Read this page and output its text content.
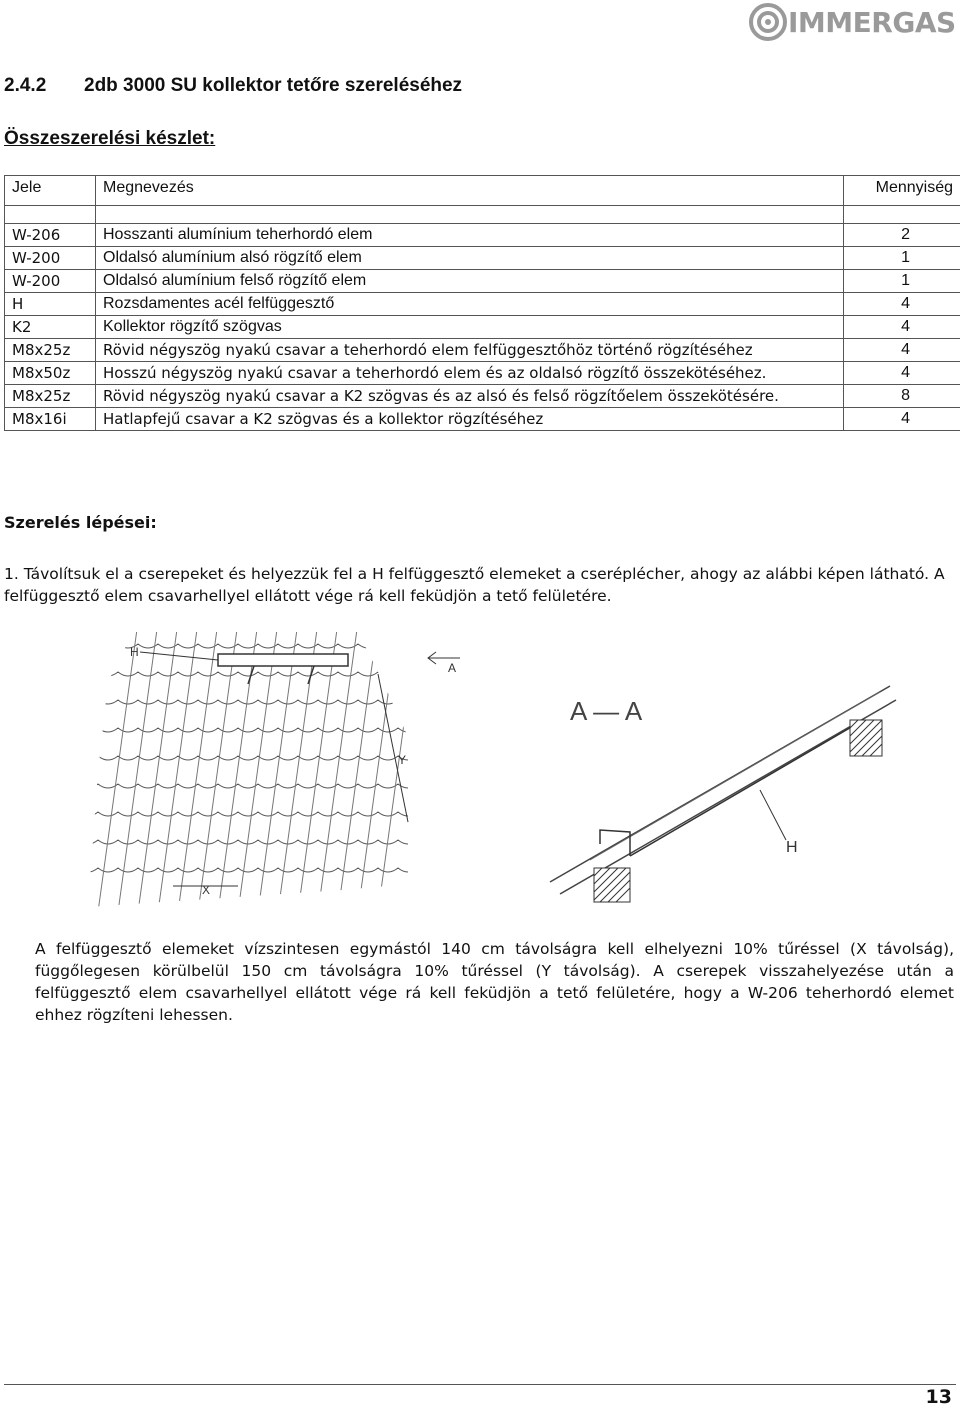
IMMERGAS
2.4.2 2db 3000 SU kollektor tetőre szereléséhez
Összeszerelési készlet:
Jele	Megnevezés	Mennyiség

W-206	Hosszanti alumínium teherhordó elem	2
W-200	Oldalsó alumínium alsó rögzítő elem	1
W-200	Oldalsó alumínium felső rögzítő elem	1
H	Rozsdamentes acél felfüggesztő	4
K2	Kollektor rögzítő szögvas	4
M8x25z	Rövid négyszög nyakú csavar a teherhordó elem felfüggesztőhöz történő rögzítéséhez	4
M8x50z	Hosszú négyszög nyakú csavar a teherhordó elem és az oldalsó rögzítő összekötéséhez.	4
M8x25z	Rövid négyszög nyakú csavar a K2 szögvas és az alsó és felső rögzítőelem összekötésére.	8
M8x16i	Hatlapfejű csavar a K2 szögvas és a kollektor rögzítéséhez	4
Szerelés lépései:

1. Távolítsuk el a cserepeket és helyezzük fel a H felfüggesztő elemeket a cseréplécher, ahogy az alábbi képen látható. A felfüggesztő elem csavarhellyel ellátott vége rá kell feküdjön a tető felületére.

H
A
Y
X
A — A
H

A felfüggesztő elemeket vízszintesen egymástól 140 cm távolságra kell elhelyezni 10% tűréssel (X távolság), függőlegesen körülbelül 150 cm távolságra 10% tűréssel (Y távolság). A cserepek visszahelyezése után a felfüggesztő elem csavarhellyel ellátott vége rá kell feküdjön a tető felületére, hogy a W-206 teherhordó elemet ehhez rögzíteni lehessen.

13
